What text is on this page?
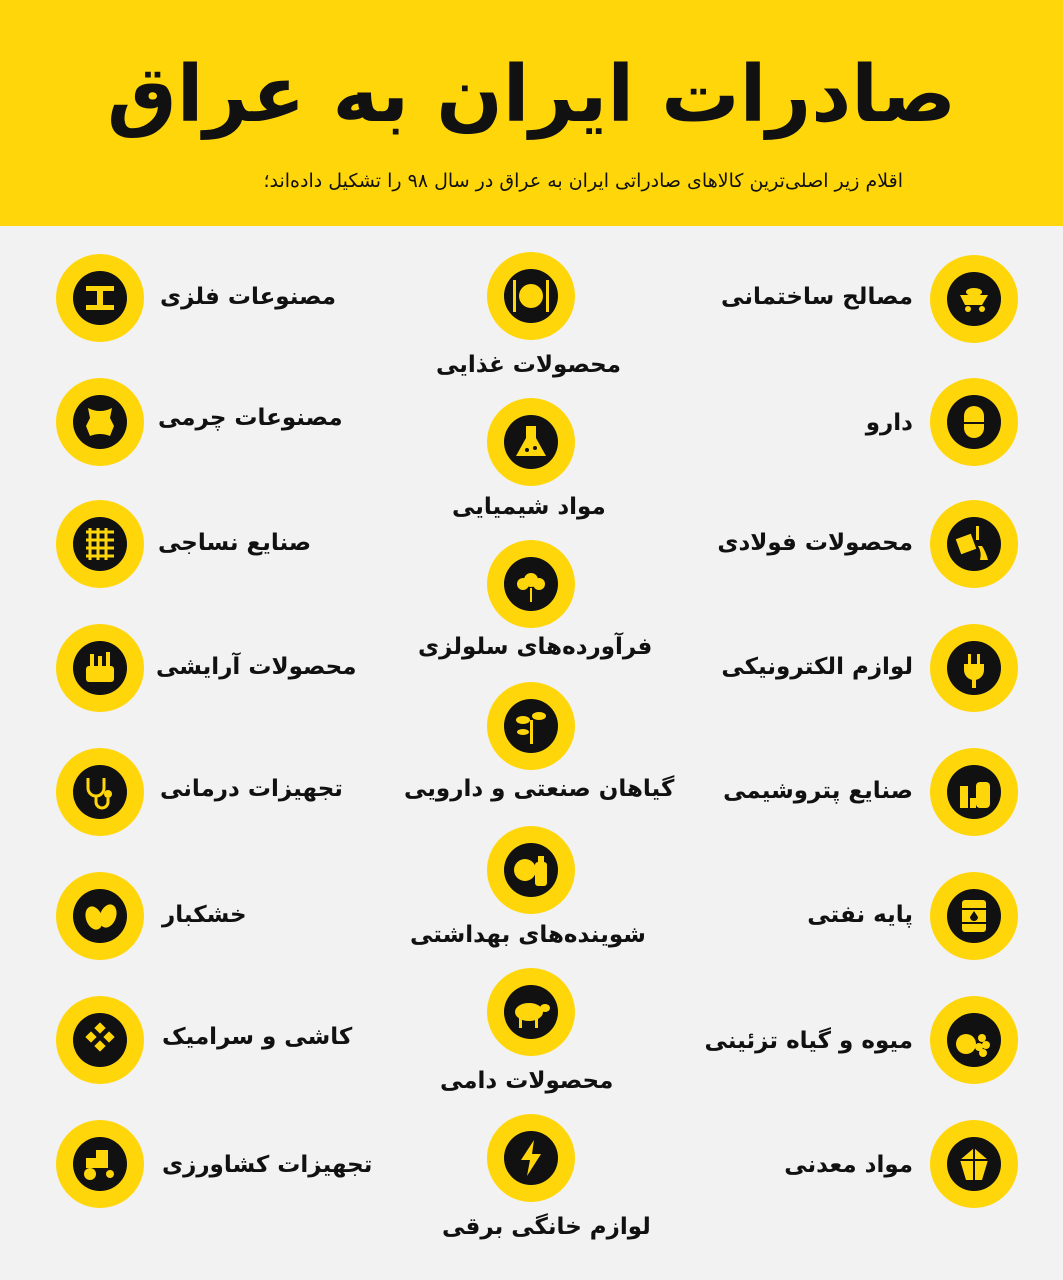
صادرات ایران به عراق
اقلام زیر اصلی‌ترین کالاهای صادراتی ایران به عراق در سال ۹۸ را تشکیل داده‌اند؛
مصالح ساختمانی
دارو
محصولات فولادی
لوازم الکترونیکی
صنایع پتروشیمی
پایه نفتی
میوه و گیاه تزئینی
مواد معدنی
محصولات غذایی
مواد شیمیایی
فرآورده‌های سلولزی
گیاهان صنعتی و دارویی
شوینده‌های بهداشتی
محصولات دامی
لوازم خانگی برقی
مصنوعات فلزی
مصنوعات چرمی
صنایع نساجی
محصولات آرایشی
تجهیزات درمانی
خشکبار
کاشی و سرامیک
تجهیزات کشاورزی
